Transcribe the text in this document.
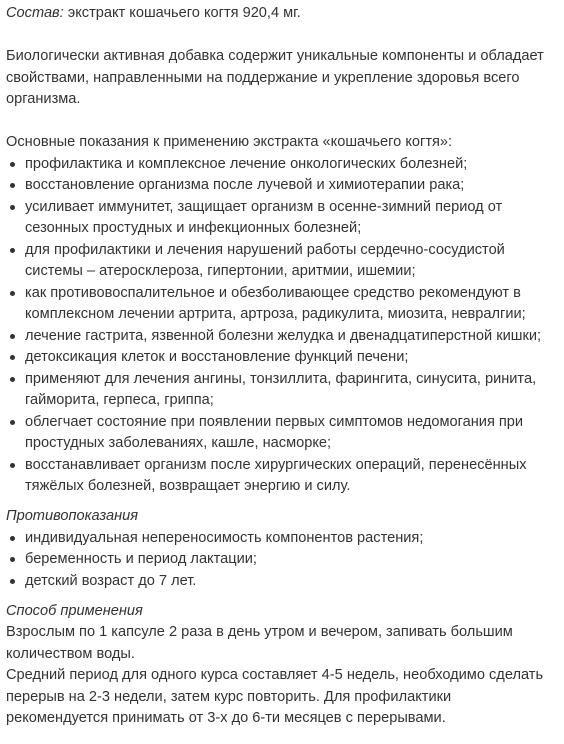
Состав: экстракт кошачьего когтя 920,4 мг.

Биологически активная добавка содержит уникальные компоненты и обладает

свойствами, направленными на поддержание и укрепление здоровья всего

организма.

Основные показания к применению экстракта «кошачьего когтя»:

профилактика и комплексное лечение онкологических болезней;
восстановление организма после лучевой и химиотерапии рака;
усиливает иммунитет, защищает организм в осенне-зимний период от
сезонных простудных и инфекционных болезней;
для профилактики и лечения нарушений работы сердечно-сосудистой
системы – атеросклероза, гипертонии, аритмии, ишемии;
как противовоспалительное и обезболивающее средство рекомендуют в
комплексном лечении артрита, артроза, радикулита, миозита, невралгии;
лечение гастрита, язвенной болезни желудка и двенадцатиперстной кишки;
детоксикация клеток и восстановление функций печени;
применяют для лечения ангины, тонзиллита, фарингита, синусита, ринита,
гайморита, герпеса, гриппа;
облегчает состояние при появлении первых симптомов недомогания при
простудных заболеваниях, кашле, насморке;
восстанавливает организм после хирургических операций, перенесённых
тяжёлых болезней, возвращает энергию и силу.

Противопоказания

индивидуальная непереносимость компонентов растения;
беременность и период лактации;
детский возраст до 7 лет.

Способ применения

Взрослым по 1 капсуле 2 раза в день утром и вечером, запивать большим

количеством воды.

Средний период для одного курса составляет 4-5 недель, необходимо сделать

перерыв на 2-3 недели, затем курс повторить. Для профилактики

рекомендуется принимать от 3-х до 6-ти месяцев с перерывами.
